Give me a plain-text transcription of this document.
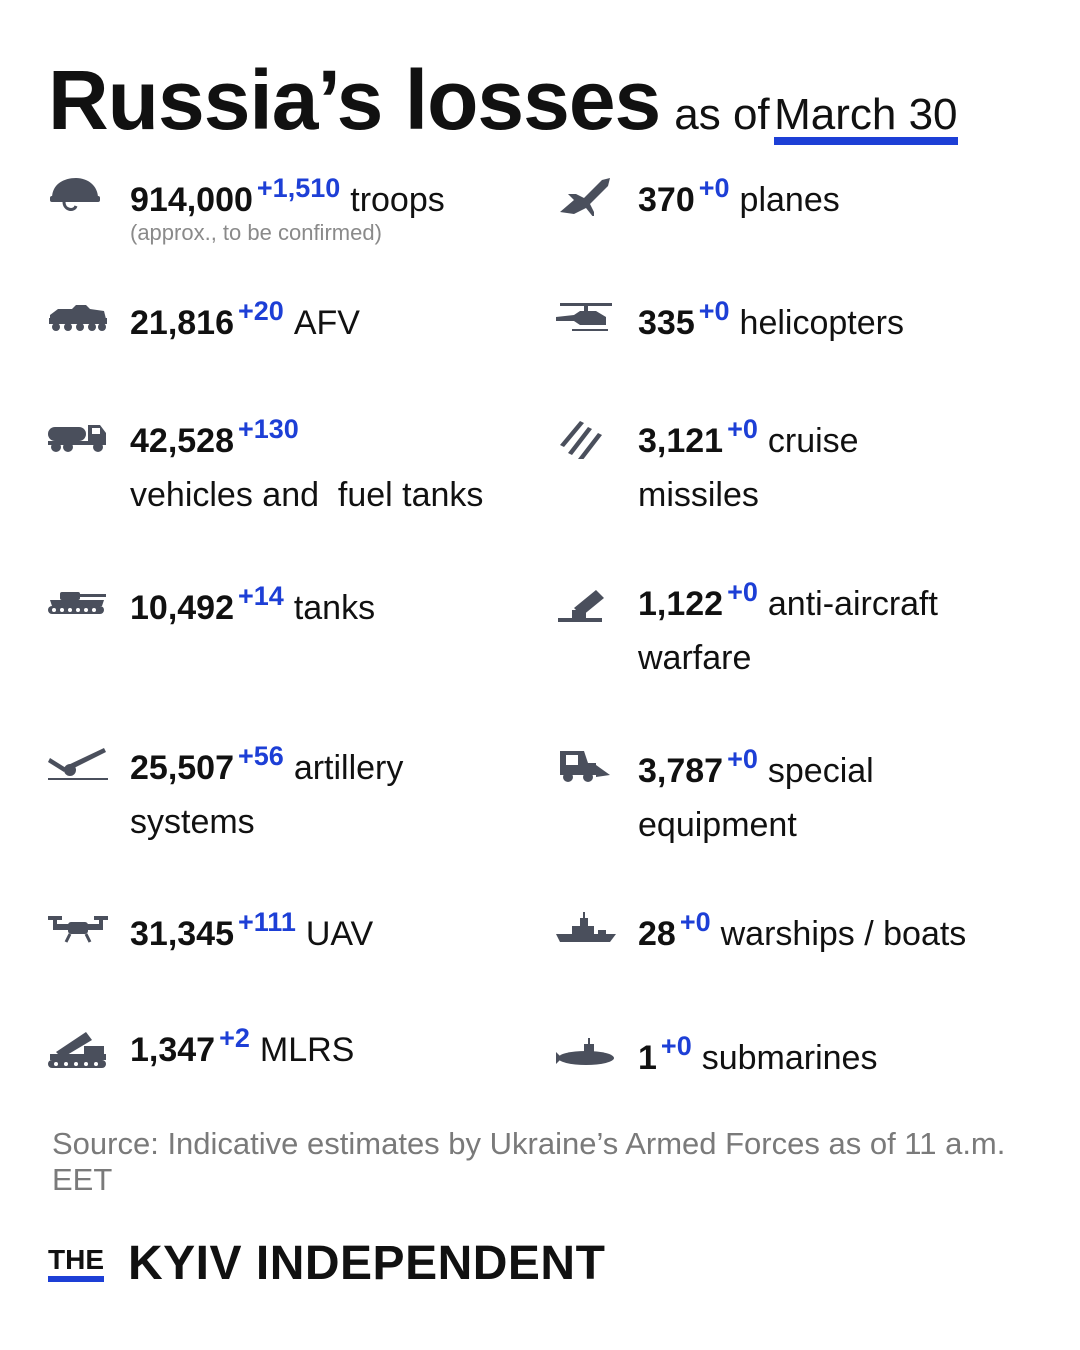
Russia’s losses as of March 30
914,000 $^{+1,510}$ troops
(approx., to be confirmed)
21,816 $^{+20}$ AFV
42,528 $^{+130}$
vehicles and  fuel tanks
10,492 $^{+14}$ tanks
25,507 $^{+56}$ artillery systems
31,345 $^{+111}$ UAV
1,347 $^{+2}$ MLRS
370 $^{+0}$ planes
335 $^{+0}$ helicopters
3,121 $^{+0}$ cruise missiles
1,122 $^{+0}$ anti-aircraft warfare
3,787 $^{+0}$ special equipment
28 $^{+0}$ warships / boats
1 $^{+0}$ submarines
Source: Indicative estimates by Ukraine’s Armed Forces as of 11 a.m. EET
THE KYIV INDEPENDENT
